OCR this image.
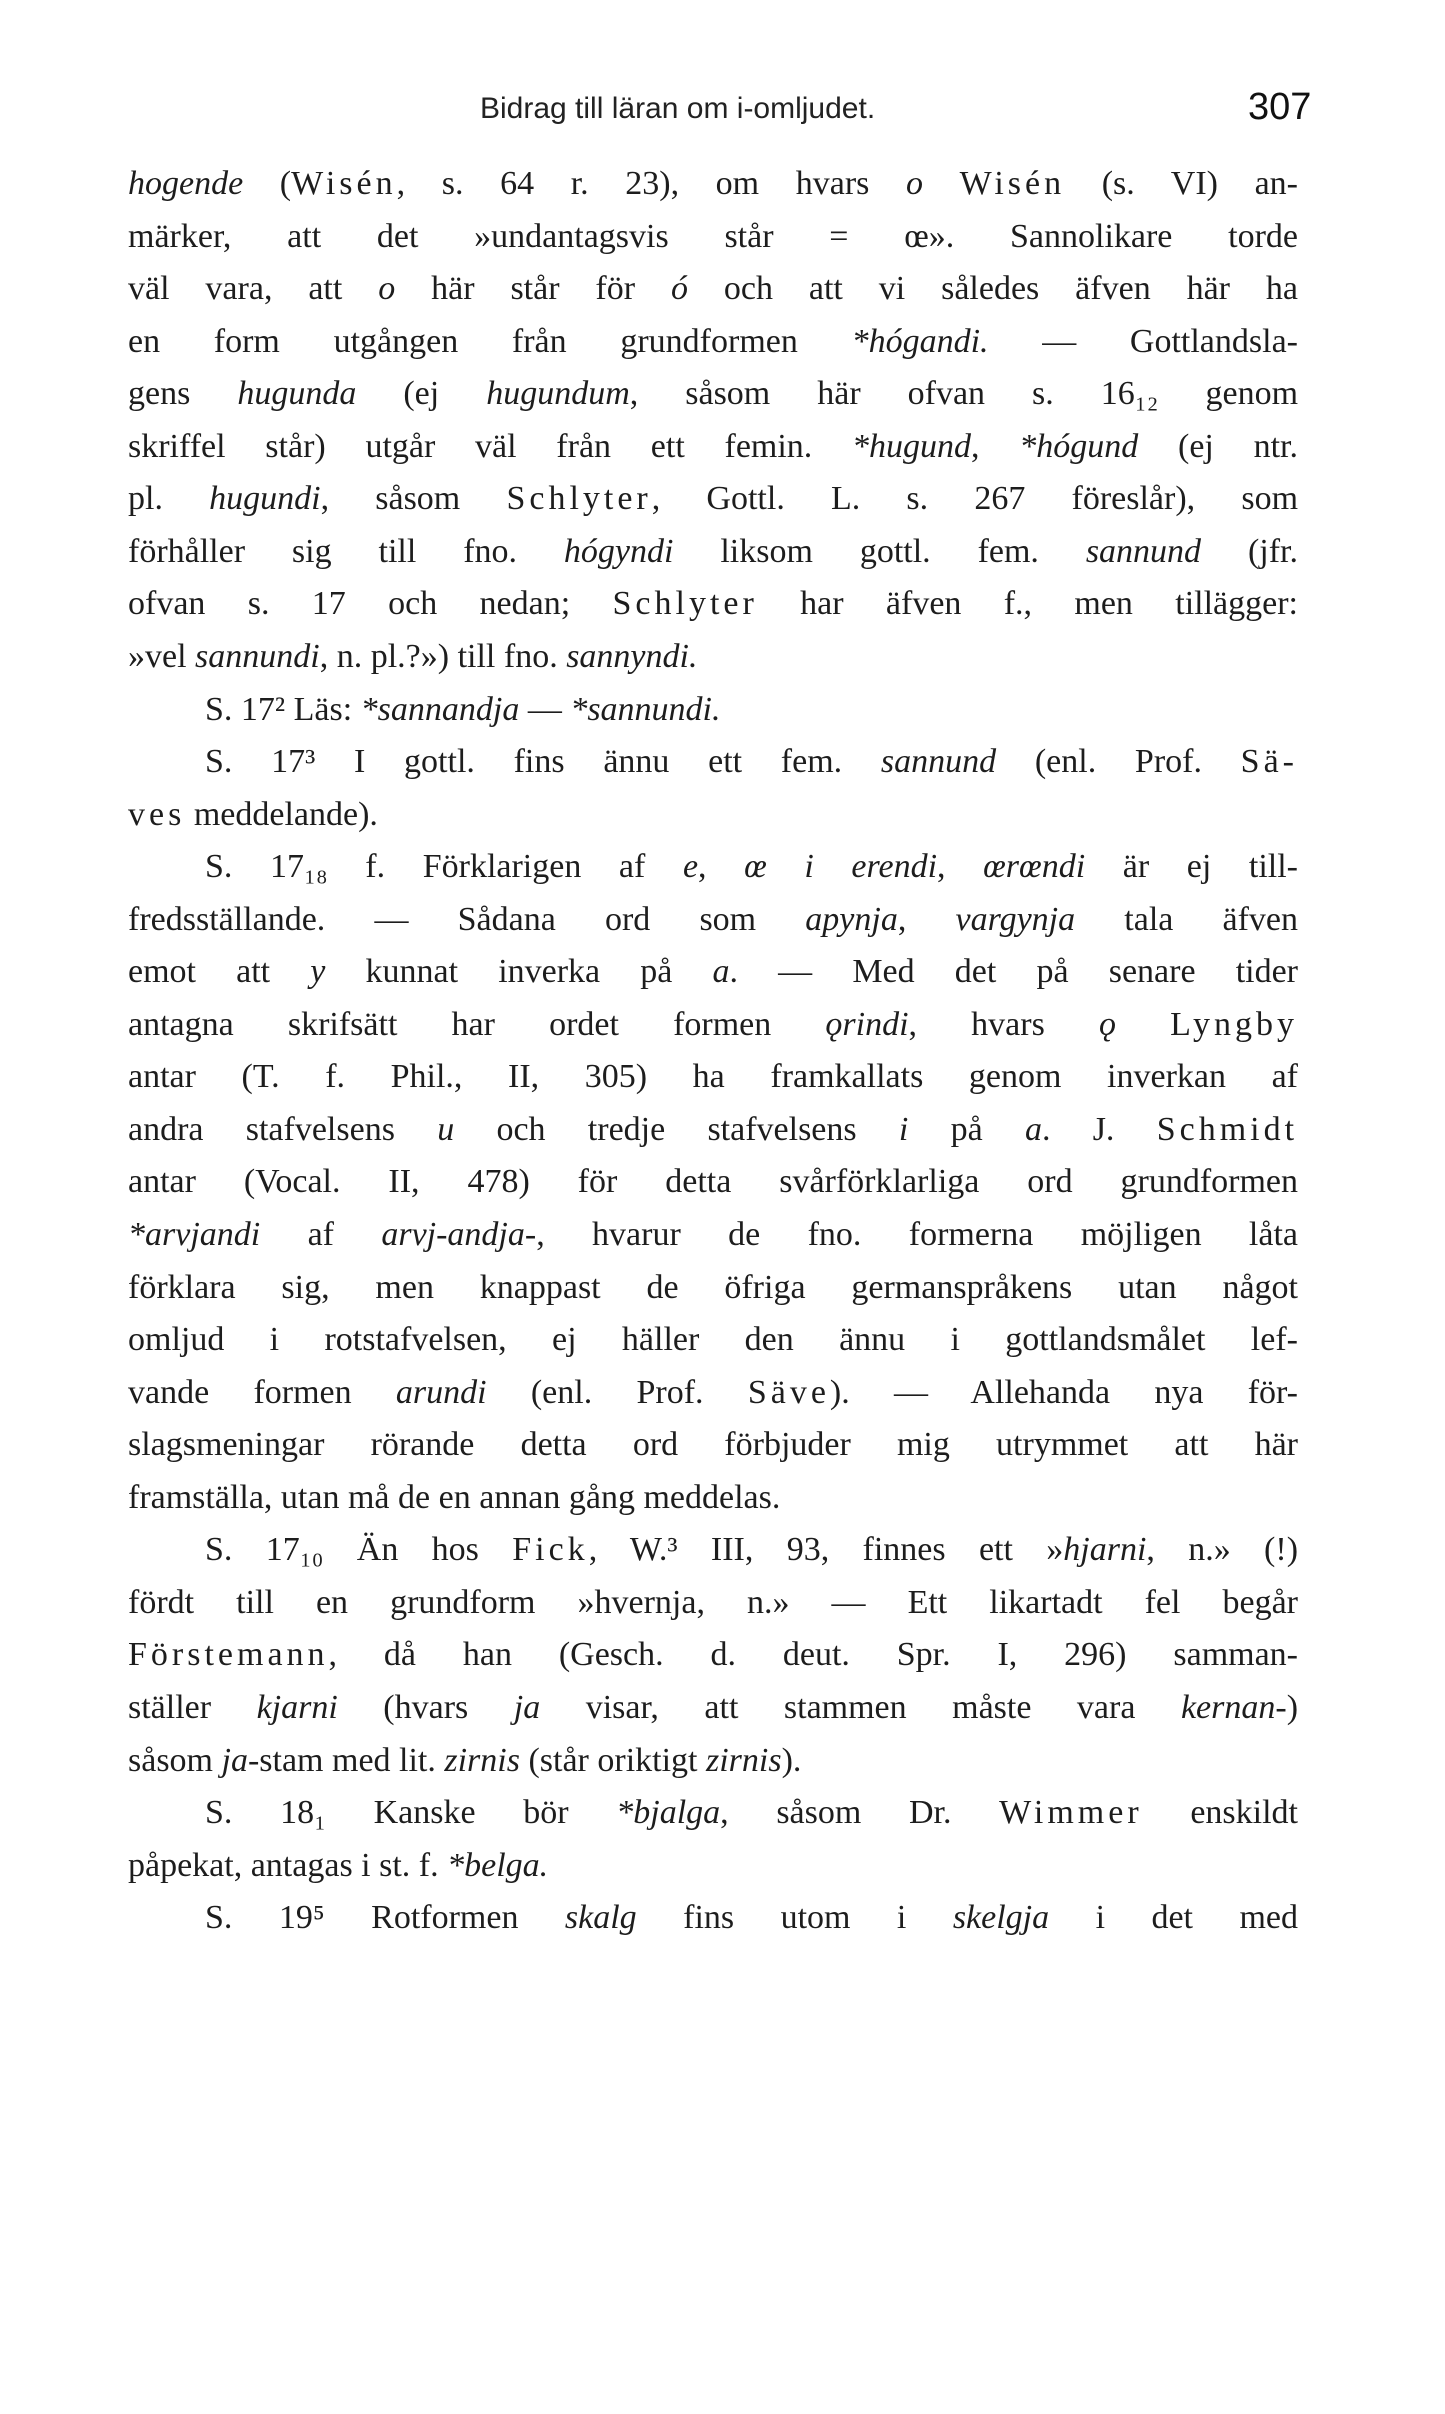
Bidrag till läran om i-omljudet.	307
hogende (Wisén, s. 64 r. 23), om hvars o Wisén (s. VI) an-
märker, att det »undantagsvis står = œ». Sannolikare torde
väl vara, att o här står för ó och att vi således äfven här ha
en form utgången från grundformen *hógandi. — Gottlandsla-
gens hugunda (ej hugundum, såsom här ofvan s. 16₁₂ genom
skriffel står) utgår väl från ett femin. *hugund, *hógund (ej ntr.
pl. hugundi, såsom Schlyter, Gottl. L. s. 267 föreslår), som
förhåller sig till fno. hógyndi liksom gottl. fem. sannund (jfr.
ofvan s. 17 och nedan; Schlyter har äfven f., men tillägger:
»vel sannundi, n. pl.?») till fno. sannyndi.
S. 17² Läs: *sannandja — *sannundi.
S. 17³ I gottl. fins ännu ett fem. sannund (enl. Prof. Sä-
ves meddelande).
S. 17₁₈ f. Förklarigen af e, œ i erendi, œrœndi är ej till-
fredsställande. — Sådana ord som apynja, vargynja tala äfven
emot att y kunnat inverka på a. — Med det på senare tider
antagna skrifsätt har ordet formen ǫrindi, hvars ǫ Lyngby
antar (T. f. Phil., II, 305) ha framkallats genom inverkan af
andra stafvelsens u och tredje stafvelsens i på a. J. Schmidt
antar (Vocal. II, 478) för detta svårförklarliga ord grundformen
*arvjandi af arvj-andja-, hvarur de fno. formerna möjligen låta
förklara sig, men knappast de öfriga germanspråkens utan något
omljud i rotstafvelsen, ej häller den ännu i gottlandsmålet lef-
vande formen arundi (enl. Prof. Säve). — Allehanda nya för-
slagsmeningar rörande detta ord förbjuder mig utrymmet att här
framställa, utan må de en annan gång meddelas.
S. 17₁₀ Än hos Fick, W.³ III, 93, finnes ett »hjarni, n.» (!)
fördt till en grundform »hvernja, n.» — Ett likartadt fel begår
Förstemann, då han (Gesch. d. deut. Spr. I, 296) samman-
ställer kjarni (hvars ja visar, att stammen måste vara kernan-)
såsom ja-stam med lit. zirnis (står oriktigt zirnis).
S. 18₁ Kanske bör *bjalga, såsom Dr. Wimmer enskildt
påpekat, antagas i st. f. *belga.
S. 19⁵ Rotformen skalg fins utom i skelgja i det med
